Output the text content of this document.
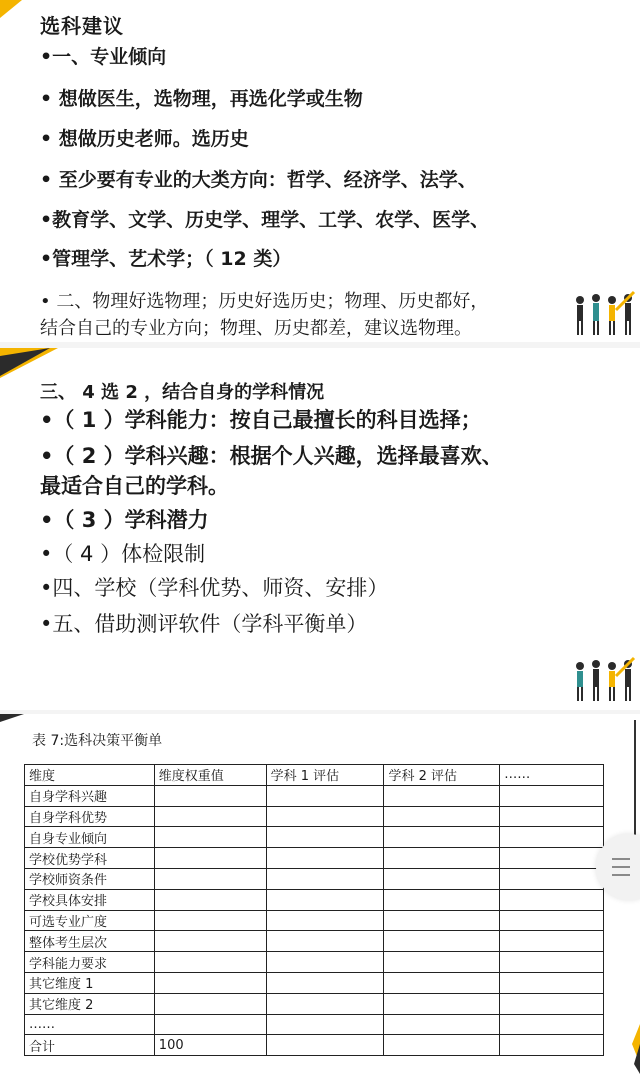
选科建议
•一、专业倾向
• 想做医生，选物理，再选化学或生物
• 想做历史老师。选历史
• 至少要有专业的大类方向：哲学、经济学、法学、
•教育学、文学、历史学、理学、工学、农学、医学、
•管理学、艺术学；（ 12 类）
• 二、物理好选物理；历史好选历史；物理、历史都好，
结合自己的专业方向；物理、历史都差，建议选物理。
三、 4 选 2 ，结合自身的学科情况
•（ 1 ）学科能力：按自己最擅长的科目选择；
•（ 2 ）学科兴趣：根据个人兴趣，选择最喜欢、
最适合自己的学科。
•（ 3 ）学科潜力
•（ 4 ）体检限制
•四、学校（学科优势、师资、安排）
•五、借助测评软件（学科平衡单）
表 7:选科决策平衡单
维度	维度权重值	学科 1 评估	学科 2 评估	……
自身学科兴趣				
自身学科优势				
自身专业倾向				
学校优势学科				
学校师资条件				
学校具体安排				
可选专业广度				
整体考生层次				
学科能力要求				
其它维度 1				
其它维度 2				
……				
合计	100			
